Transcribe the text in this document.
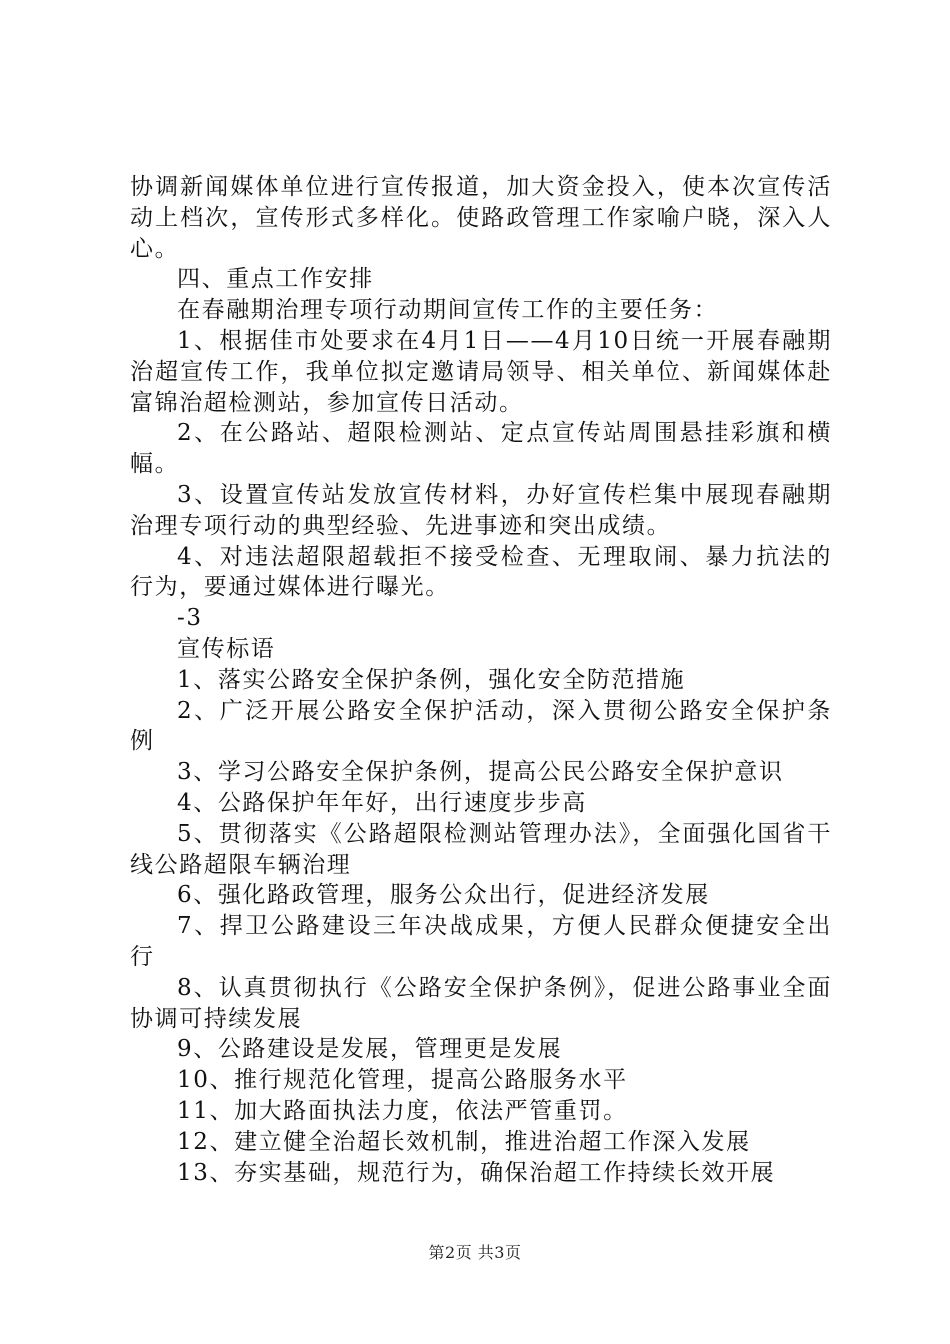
协调新闻媒体单位进行宣传报道，加大资金投入，使本次宣传活动上档次，宣传形式多样化。使路政管理工作家喻户晓，深入人心。

四、重点工作安排

在春融期治理专项行动期间宣传工作的主要任务：

1、根据佳市处要求在4月1日——4月10日统一开展春融期治超宣传工作，我单位拟定邀请局领导、相关单位、新闻媒体赴富锦治超检测站，参加宣传日活动。

2、在公路站、超限检测站、定点宣传站周围悬挂彩旗和横幅。

3、设置宣传站发放宣传材料，办好宣传栏集中展现春融期治理专项行动的典型经验、先进事迹和突出成绩。

4、对违法超限超载拒不接受检查、无理取闹、暴力抗法的行为，要通过媒体进行曝光。

-3

宣传标语

1、落实公路安全保护条例，强化安全防范措施

2、广泛开展公路安全保护活动，深入贯彻公路安全保护条例

3、学习公路安全保护条例，提高公民公路安全保护意识

4、公路保护年年好，出行速度步步高

5、贯彻落实《公路超限检测站管理办法》，全面强化国省干线公路超限车辆治理

6、强化路政管理，服务公众出行，促进经济发展

7、捍卫公路建设三年决战成果，方便人民群众便捷安全出行

8、认真贯彻执行《公路安全保护条例》，促进公路事业全面协调可持续发展

9、公路建设是发展，管理更是发展

10、推行规范化管理，提高公路服务水平

11、加大路面执法力度，依法严管重罚。

12、建立健全治超长效机制，推进治超工作深入发展

13、夯实基础，规范行为，确保治超工作持续长效开展

第2页 共3页
